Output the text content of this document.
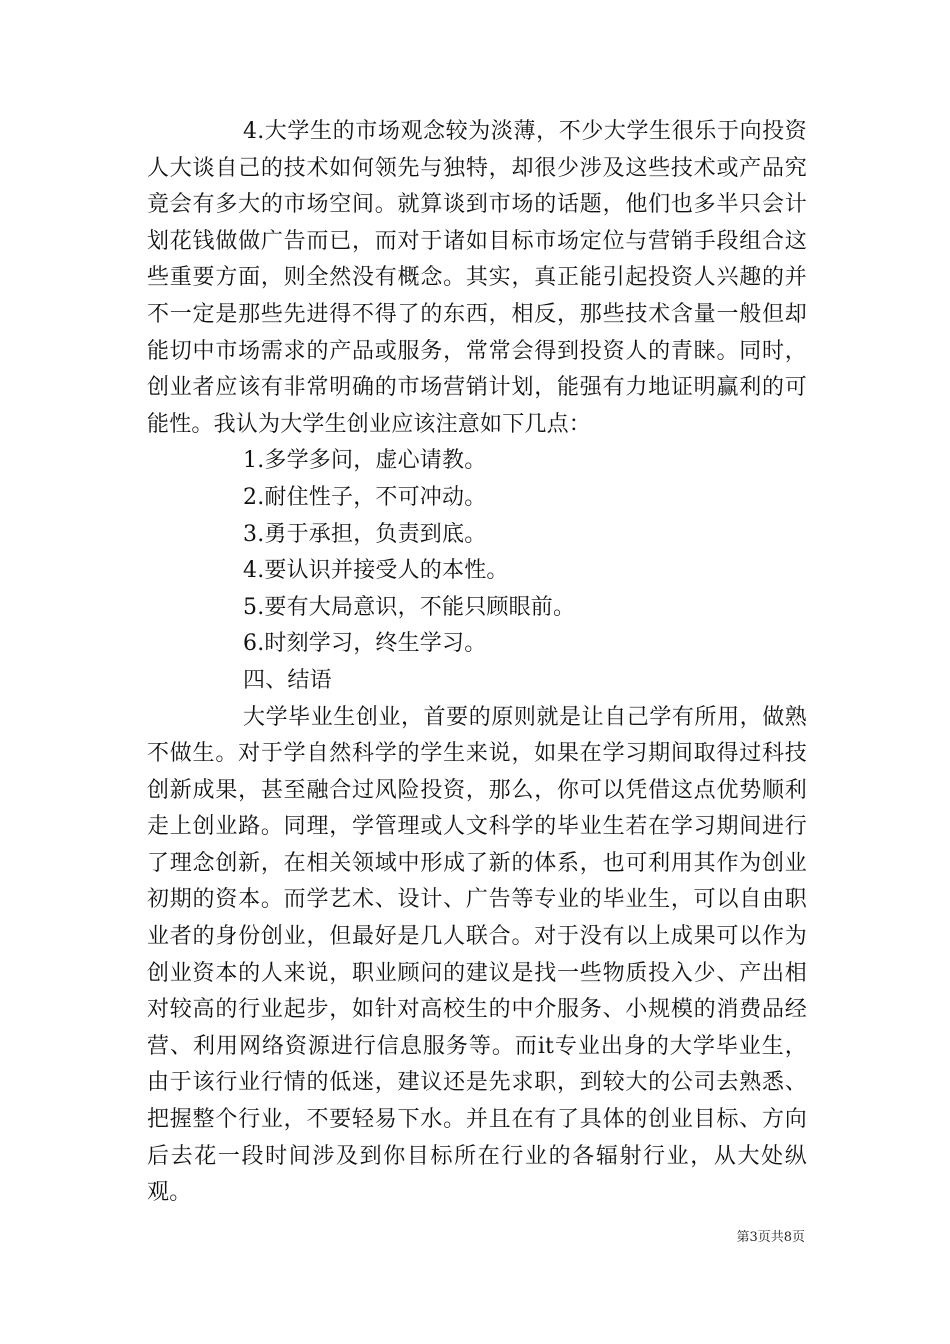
4.大学生的市场观念较为淡薄，不少大学生很乐于向投资人大谈自己的技术如何领先与独特，却很少涉及这些技术或产品究竟会有多大的市场空间。就算谈到市场的话题，他们也多半只会计划花钱做做广告而已，而对于诸如目标市场定位与营销手段组合这些重要方面，则全然没有概念。其实，真正能引起投资人兴趣的并不一定是那些先进得不得了的东西，相反，那些技术含量一般但却能切中市场需求的产品或服务，常常会得到投资人的青睐。同时，创业者应该有非常明确的市场营销计划，能强有力地证明赢利的可能性。我认为大学生创业应该注意如下几点：

1.多学多问，虚心请教。
2.耐住性子，不可冲动。
3.勇于承担，负责到底。
4.要认识并接受人的本性。
5.要有大局意识，不能只顾眼前。
6.时刻学习，终生学习。
四、结语

大学毕业生创业，首要的原则就是让自己学有所用，做熟不做生。对于学自然科学的学生来说，如果在学习期间取得过科技创新成果，甚至融合过风险投资，那么，你可以凭借这点优势顺利走上创业路。同理，学管理或人文科学的毕业生若在学习期间进行了理念创新，在相关领域中形成了新的体系，也可利用其作为创业初期的资本。而学艺术、设计、广告等专业的毕业生，可以自由职业者的身份创业，但最好是几人联合。对于没有以上成果可以作为创业资本的人来说，职业顾问的建议是找一些物质投入少、产出相对较高的行业起步，如针对高校生的中介服务、小规模的消费品经营、利用网络资源进行信息服务等。而it专业出身的大学毕业生，由于该行业行情的低迷，建议还是先求职，到较大的公司去熟悉、把握整个行业，不要轻易下水。并且在有了具体的创业目标、方向后去花一段时间涉及到你目标所在行业的各辐射行业，从大处纵观。

第3页共8页
